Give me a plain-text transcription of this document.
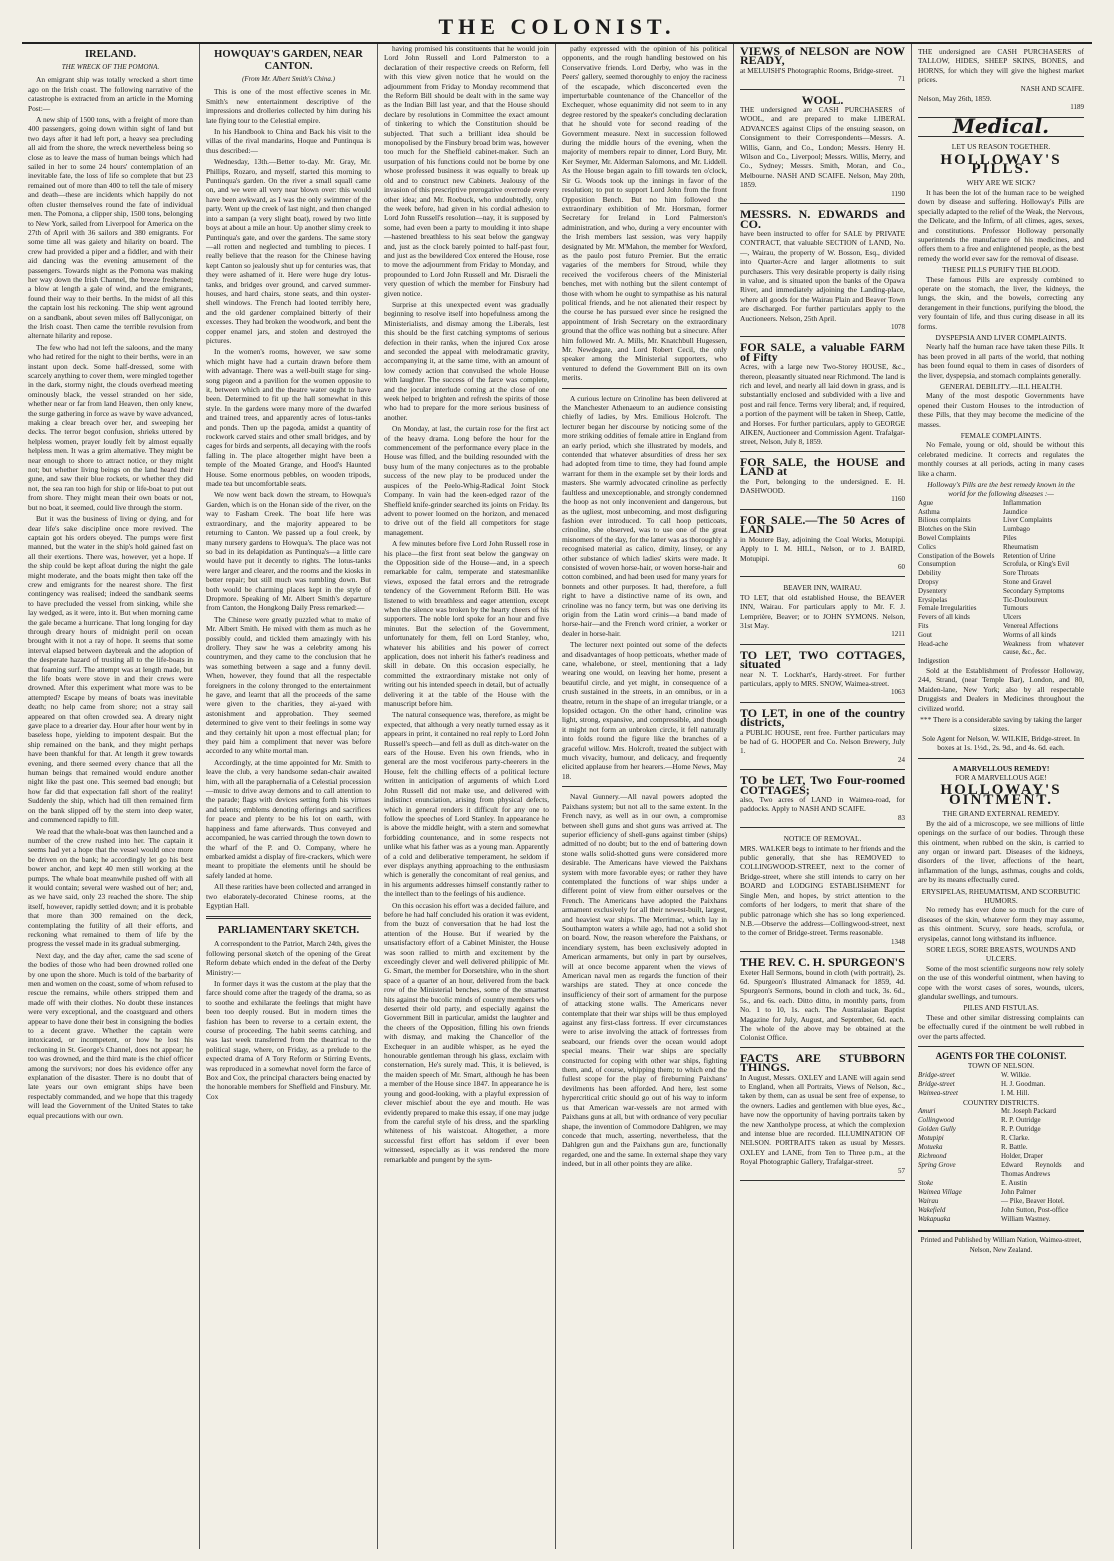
THE COLONIST.
IRELAND.
THE WRECK OF THE POMONA.

An emigrant ship was totally wrecked a short time ago on the Irish coast. The following narrative of the catastrophe is extracted from an article in the Morning Post:—

A new ship of 1500 tons, with a freight of more than 400 passengers, going down within sight of land but two days after it had left port, a heavy sea precluding all aid from the shore, the wreck nevertheless being so close as to leave the mass of human beings which had sailed in her to some 24 hours' contemplation of an inevitable fate, the loss of life so complete that but 23 remained out of more than 400 to tell the tale of misery and death—these are incidents which happily do not often cluster themselves round the fate of individual men. The Pomona, a clipper ship, 1500 tons, belonging to New York, sailed from Liverpool for America on the 27th of April with 36 sailors and 380 emigrants. For some time all was gaiety and hilarity on board. The crew had provided a piper and a fiddler, and with their aid dancing was the evening amusement of the passengers. Towards night as the Pomona was making her way down the Irish Channel, the breeze freshened; a blow at length a gale of wind, and the emigrants, found their way to their berths. In the midst of all this the captain lost his reckoning. The ship went aground on a sandbank, about seven miles off Ballyconigar, on the Irish coast. Then came the terrible revulsion from alternate hilarity and repose.

The few who had not left the saloons, and the many who had retired for the night to their berths, were in an instant upon deck. Some half-dressed, some with scarcely anything to cover them, were mingled together in the dark, stormy night, the clouds overhead meeting ominously black, the vessel stranded on her side, whether near or far from land Heaven, then only knew, the surge gathering in force as wave by wave advanced, making a clear breach over her, and sweeping her decks. The terror begot confusion, shrieks uttered by helpless women, prayer loudly felt by almost equally helpless men. It was a grim alternative. They might be near enough to shore to attract notice, or they might not; but whether living beings on the land heard their gune, and saw their blue rockets, or whether they did not, the sea ran too high for ship or life-boat to put out from shore. They might mean their own boats or not, but no boat, it seemed, could live through the storm.

But it was the business of living or dying, and for dear life's sake discipline once more revived. The captain got his orders obeyed. The pumps were first manned, but the water in the ship's hold gained fast on all their exertions. There was, however, yet a hope. If the ship could be kept afloat during the night the gale might moderate, and the boats might then take off the crew and emigrants for the nearest shore. The first contingency was realised; indeed the sandbank seems to have precluded the vessel from sinking, while she lay wedged, as it were, into it. But when morning came the gale became a hurricane. That long longing for day through dreary hours of midnight peril on ocean brought with it not a ray of hope. It seems that some interval elapsed between daybreak and the adoption of the desperate hazard of trusting all to the life-boats in that foaming surf. The attempt was at length made, but the life boats were stove in and their crews were drowned. After this experiment what more was to be attempted? Escape by means of boats was inevitable death; no help came from shore; not a stray sail appeared on that often crowded sea. A dreary night gave place to a drearier day. Hour after hour went by in baseless hope, yielding to impotent despair. But the ship remained on the bank, and they might perhaps have been thankful for that. At length it grew towards evening, and there seemed every chance that all the human beings that remained would endure another night like the past one. This seemed bad enough; but how far did that expectation fall short of the reality! Suddenly the ship, which had till then remained firm on the bank slipped off by the stern into deep water, and commenced rapidly to fill.

We read that the whale-boat was then launched and a number of the crew rushed into her. The captain it seems had yet a hope that the vessel would once more be driven on the bank; he accordingly let go his best bower anchor, and kept 40 men still working at the pumps. The whale boat meanwhile pushed off with all it would contain; several were washed out of her; and, as we have said, only 23 reached the shore. The ship itself, however, rapidly settled down; and it is probable that more than 300 remained on the deck, contemplating the futility of all their efforts, and reckoning what remained to them of life by the progress the vessel made in its gradual submerging.

Next day, and the day after, came the sad scene of the bodies of those who had been drowned rolled one by one upon the shore. Much is told of the barbarity of men and women on the coast, some of whom refused to rescue the remains, while others stripped them and made off with their clothes. No doubt these instances were very exceptional, and the coastguard and others appear to have done their best in consigning the bodies to a decent grave. Whether the captain were intoxicated, or incompetent, or how he lost his reckoning in St. George's Channel, does not appear; he too was drowned, and the third mate is the chief officer among the survivors; nor does his evidence offer any explanation of the disaster. There is no doubt that of late years our own emigrant ships have been respectably commanded, and we hope that this tragedy will lead the Government of the United States to take equal precautions with our own.

HOWQUAY'S GARDEN, NEAR CANTON.
(From Mr. Albert Smith's China.)

This is one of the most effective scenes in Mr. Smith's new entertainment descriptive of the impressions and drolleries collected by him during his late flying tour to the Celestial empire.

In his Handbook to China and Back his visit to the villas of the rival mandarins, Hoque and Puntinqua is thus described:—

Wednesday, 13th.—Better to-day. Mr. Gray, Mr. Phillips, Rozaro, and myself, started this morning to Puntinqua's garden. On the river a small squall came on, and we were all very near blown over: this would have been awkward, as I was the only swimmer of the party. Went up the creek of last night, and then changed into a sampan (a very slight boat), rowed by two little boys at about a mile an hour. Up another slimy creek to Puntinqua's gate, and over the gardens. The same story—all rotten and neglected and tumbling to pieces. I really believe that the reason for the Chinese having kept Canton so jealously shut up for centuries was, that they were ashamed of it. Here were huge dry lotus-tanks, and bridges over ground, and carved summer-houses, and hard chairs, stone seats, and thin oyster-shell windows. The French had looted terribly here, and the old gardener complained bitterly of their excesses. They had broken the woodwork, and bent the copper enamel jars, and stolen and destroyed the pictures.

In the women's rooms, however, we saw some which might have had a curtain drawn before them with advantage. There was a well-built stage for sing-song pigeon and a pavilion for the women opposite to it, between which and the theatre water ought to have been. Determined to fit up the hall somewhat in this style. In the gardens were many more of the dwarfed and trained trees, and apparently acres of lotus-tanks and ponds. Then up the pagoda, amidst a quantity of rockwork carved stairs and other small bridges, and by cages for birds and serpents, all decaying with the roofs falling in. The place altogether might have been a temple of the Moated Grange, and Hood's Haunted House. Some enormous pebbles, on wooden tripods, made tea but uncomfortable seats.

We now went back down the stream, to Howqua's Garden, which is on the Honan side of the river, on the way to Fasham Creek. The boat life here was extraordinary, and the majority appeared to be returning to Canton. We passed up a foul creek, by many nursery gardens to Howqua's. The place was not so bad in its delapidation as Puntinqua's—a little care would have put it decently to rights. The lotus-tanks were larger and clearer, and the rooms and the kiosks in better repair; but still much was tumbling down. But both would be charming places kept in the style of Dropmore. Speaking of Mr. Albert Smith's departure from Canton, the Hongkong Daily Press remarked:—

The Chinese were greatly puzzled what to make of Mr. Albert Smith. He mixed with them as much as he possibly could, and tickled them amazingly with his drollery. They saw he was a celebrity among his countrymen, and they came to the conclusion that he was something between a sage and a funny devil. When, however, they found that all the respectable foreigners in the colony thronged to the entertainment he gave, and learnt that all the proceeds of the same were given to the charities, they ai-yaed with astonishment and approbation. They seemed determined to give vent to their feelings in some way and they certainly hit upon a most effectual plan; for they paid him a compliment that never was before accorded to any white mortal man.

Accordingly, at the time appointed for Mr. Smith to leave the club, a very handsome sedan-chair awaited him, with all the paraphernalia of a Celestial procession—music to drive away demons and to call attention to the parade; flags with devices setting forth his virtues and talents; emblems denoting offerings and sacrifices for peace and plenty to be his lot on earth, with happiness and fame afterwards. Thus conveyed and accompanied, he was carried through the town down to the wharf of the P. and O. Company, where he embarked amidst a display of fire-crackers, which were meant to propitiate the elements until he should be safely landed at home.

All these rarities have been collected and arranged in two elaborately-decorated Chinese rooms, at the Egyptian Hall.

PARLIAMENTARY SKETCH.

A correspondent to the Patriot, March 24th, gives the following personal sketch of the opening of the Great Reform debate which ended in the defeat of the Derby Ministry:—

In former days it was the custom at the play that the farce should come after the tragedy of the drama, so as to soothe and exhilarate the feelings that might have been too deeply roused. But in modern times the fashion has been to reverse to a certain extent, the course of proceeding. The habit seems catching, and was last week transferred from the theatrical to the political stage, where, on Friday, as a prelude to the expected drama of A Tory Reform or Stirring Events, was reproduced in a somewhat novel form the farce of Box and Cox, the principal characters being enacted by the honorable members for Sheffield and Finsbury. Mr. Cox

having promised his constituents that he would join Lord John Russell and Lord Palmerston to a declaration of their respective creeds on Reform, fell with this view given notice that he would on the adjournment from Friday to Monday recommend that the Reform Bill should be dealt with in the same way as the Indian Bill last year, and that the House should declare by resolutions in Committee the exact amount of tinkering to which the Constitution should be subjected. That such a brilliant idea should be monopolised by the Finsbury broad brim was, however too much for the Sheffield cabinet-maker. Such an usurpation of his functions could not be borne by one whose professed business it was equally to break up old and to construct new Cabinets. Jealousy of the invasion of this prescriptive prerogative overrode every other idea; and Mr. Roebuck, who undoubtedly, only the week before, had given in his cordial adhesion to Lord John Russell's resolution—nay, it is supposed by some, had even been a party to moulding it into shape—hastened breathless to his seat below the gangway and, just as the clock barely pointed to half-past four, and just as the bewildered Cox entered the House, rose to move the adjournment from Friday to Monday, and propounded to Lord John Russell and Mr. Disraeli the very question of which the member for Finsbury had given notice.

Surprise at this unexpected event was gradually beginning to resolve itself into hopefulness among the Ministerialists, and dismay among the Liberals, lest this should be the first catching symptoms of serious defection in their ranks, when the injured Cox arose and seconded the appeal with melodramatic gravity, accompanying it, at the same time, with an amount of low comedy action that convulsed the whole House with laughter. The success of the farce was complete, and the jocular interlude coming at the close of one week helped to brighten and refresh the spirits of those who had to prepare for the more serious business of another.

On Monday, at last, the curtain rose for the first act of the heavy drama. Long before the hour for the commencement of the performance every place in the House was filled, and the building resounded with the busy hum of the many conjectures as to the probable success of the new play to be produced under the auspices of the Peelo-Whig-Radical Joint Stock Company. In vain had the keen-edged razor of the Sheffield knife-grinder searched its joints on Friday. Its advent to power loomed on the horizon, and menaced to drive out of the field all competitors for stage management.

A few minutes before five Lord John Russell rose in his place—the first front seat below the gangway on the Opposition side of the House—and, in a speech remarkable for calm, temperate and statesmanlike views, exposed the fatal errors and the retrograde tendency of the Government Reform Bill. He was listened to with breathless and eager attention, except when the silence was broken by the hearty cheers of his supporters. The noble lord spoke for an hour and five minutes. But the selection of the Government, unfortunately for them, fell on Lord Stanley, who, whatever his abilities and his power of correct application, does not inherit his father's readiness and skill in debate. On this occasion especially, he committed the extraordinary mistake not only of writing out his intended speech in detail, but of actually delivering it at the table of the House with the manuscript before him.

The natural consequence was, therefore, as might be expected, that although a very neatly turned essay as it appears in print, it contained no real reply to Lord John Russell's speech—and fell as dull as ditch-water on the ears of the House. Even his own friends, who in general are the most vociferous party-cheerers in the House, felt the chilling effects of a political lecture written in anticipation of arguments of which Lord John Russell did not make use, and delivered with indistinct enunciation, arising from physical defects, which in general renders it difficult for any one to follow the speeches of Lord Stanley. In appearance he is above the middle height, with a stern and somewhat forbidding countenance, and in some respects not unlike what his father was as a young man. Apparently of a cold and deliberative temperament, he seldom if ever displays anything approaching to the enthusiasm which is generally the concomitant of real genius, and in his arguments addresses himself constantly rather to the intellect than to the feelings of his audience.

On this occasion his effort was a decided failure, and before he had half concluded his oration it was evident, from the buzz of conversation that he had lost the attention of the House. But if wearied by the unsatisfactory effort of a Cabinet Minister, the House was soon rallied to mirth and excitement by the exceedingly clever and well delivered philippic of Mr. G. Smart, the member for Dorsetshire, who in the short space of a quarter of an hour, delivered from the back row of the Ministerial benches, some of the smartest hits against the bucolic minds of country members who deserted their old party, and especially against the Government Bill in particular, amidst the laughter and the cheers of the Opposition, filling his own friends with dismay, and making the Chancellor of the Exchequer in an audible whisper, as he eyed the honourable gentleman through his glass, exclaim with consternation, He's surely mad. This, it is believed, is the maiden speech of Mr. Smart, although he has been a member of the House since 1847. In appearance he is young and good-looking, with a playful expression of clever mischief about the eye and mouth. He was evidently prepared to make this essay, if one may judge from the careful style of his dress, and the sparkling whiteness of his waistcoat. Altogether, a more successful first effort has seldom if ever been witnessed, especially as it was rendered the more remarkable and pungent by the sym-

pathy expressed with the opinion of his political opponents, and the rough handling bestowed on his Conservative friends. Lord Derby, who was in the Peers' gallery, seemed thoroughly to enjoy the raciness of the escapade, which disconcerted even the imperturbable countenance of the Chancellor of the Exchequer, whose equanimity did not seem to in any degree restored by the speaker's concluding declaration that he should vote for second reading of the Government measure. Next in succession followed during the middle hours of the evening, when the majority of members repair to dinner, Lord Bury, Mr. Ker Seymer, Mr. Alderman Salomons, and Mr. Liddell. As the House began again to fill towards ten o'clock, Sir G. Woods took up the innings in favor of the resolution; to put to support Lord John from the front Opposition Bench. But no him followed the extraordinary exhibition of Mr. Horsman, former Secretary for Ireland in Lord Palmerston's administration, and who, during a very encounter with the Irish members last session, was very happily designated by Mr. M'Mahon, the member for Wexford, as the paulo post futuro Premier. But the erratic vagaries of the members for Stroud, while they received the vociferous cheers of the Ministerial benches, met with nothing but the silent contempt of those with whom he ought to sympathise as his natural political friends, and he not alienated their respect by the course he has pursued ever since he resigned the appointment of Irish Secretary on the extraordinary ground that the office was nothing but a sinecure. After him followed Mr. A. Mills, Mr. Knatchbull Hugessen, Mr. Newdegate, and Lord Robert Cecil, the only speaker among the Ministerial supporters, who ventured to defend the Government Bill on its own merits.

A curious lecture on Crinoline has been delivered at the Manchester Athenaeum to an audience consisting chiefly of ladies, by Mrs. Emilious Holcroft. The lecturer began her discourse by noticing some of the more striking oddities of female attire in England from an early period, which she illustrated by models, and contended that whatever absurdities of dress her sex had adopted from time to time, they had found ample warrant for them in the example set by their lords and masters. She warmly advocated crinoline as perfectly faultless and unexceptionable, and strongly condemned the hoop as not only inconvenient and dangerous, but as the ugliest, most unbecoming, and most disfiguring fashion ever introduced. To call hoop petticoats, crinoline, she observed, was to use one of the great misnomers of the day, for the latter was as thoroughly a recognised material as calico, dimity, linsey, or any other substance of which ladies' skirts were made. It consisted of woven horse-hair, or woven horse-hair and cotton combined, and had been used for many years for bonnets and other purposes. It had, therefore, a full right to have a distinctive name of its own, and crinoline was no fancy term, but was one deriving its origin from the Latin word crinis—a band made of horse-hair—and the French word crinier, a worker or dealer in horse-hair.

The lecturer next pointed out some of the defects and disadvantages of hoop petticoats, whether made of cane, whalebone, or steel, mentioning that a lady wearing one would, on leaving her home, present a beautiful circle, and yet might, in consequence of a crush sustained in the streets, in an omnibus, or in a theatre, return in the shape of an irregular triangle, or a lopsided octagon. On the other hand, crinoline was light, strong, expansive, and compressible, and though it might not form an unbroken circle, it fell naturally into folds round the figure like the branches of a graceful willow. Mrs. Holcroft, treated the subject with much vivacity, humour, and delicacy, and frequently elicited applause from her hearers.—Home News, May 18.

Naval Gunnery.—All naval powers adopted the Paixhans system; but not all to the same extent. In the French navy, as well as in our own, a compromise between shell guns and shot guns was arrived at. The superior efficiency of shell-guns against timber (ships) admitted of no doubt; but to the end of battering down stone walls solid-shotted guns were considered more desirable. The Americans have viewed the Paixhans system with more favorable eyes; or rather they have contemplated the functions of war ships under a different point of view from either ourselves or the French. The Americans have adopted the Paixhans armament exclusively for all their newest-built, largest, and heaviest war ships. The Merrimac, which lay in Southampton waters a while ago, had not a solid shot on board. Now, the reason wherefore the Paixhans, or incendiary system, has been exclusively adopted in American armaments, but only in part by ourselves, will at once become apparent when the views of American naval men as regards the function of their warships are stated. They at once concede the insufficiency of their sort of armament for the purpose of attacking stone walls. The Americans never contemplate that their war ships will be thus employed against any first-class fortress. If ever circumstances were to arise involving the attack of fortresses from seaboard, our friends over the ocean would adopt special means. Their war ships are specially constructed for coping with other war ships, fighting them, and, of course, whipping them; to which end the fullest scope for the play of fireburning Paixhans' devilments has been afforded. And here, lest some hypercritical critic should go out of his way to inform us that American war-vessels are not armed with Paixhans guns at all, but with ordnance of very peculiar shape, the invention of Commodore Dahlgren, we may concede that much, asserting, nevertheless, that the Dahlgren gun and the Paixhans gun are, functionally regarded, one and the same. In external shape they vary indeed, but in all other points they are alike.

VIEWS of NELSON are NOW READY,
at MELUISH'S Photographic Rooms, Bridge-street.
71
WOOL.
THE undersigned are CASH PURCHASERS of WOOL, and are prepared to make LIBERAL ADVANCES against Clips of the ensuing season, on Consignment to their Correspondents—Messrs. A. Willis, Gann, and Co., London; Messrs. Henry H. Wilson and Co., Liverpool; Messrs. Willis, Merry, and Co., Sydney; Messrs. Smith, Moran, and Co., Melbourne. NASH AND SCAIFE. Nelson, May 20th, 1859.
1190
MESSRS. N. EDWARDS and CO.
have been instructed to offer for SALE by PRIVATE CONTRACT, that valuable SECTION of LAND, No. —, Wairau, the property of W. Bosson, Esq., divided into Quarter-Acre and larger allotments to suit purchasers. This very desirable property is daily rising in value, and is situated upon the banks of the Opawa River, and immediately adjoining the Landing-place, where all goods for the Wairau Plain and Beaver Town are discharged. For further particulars apply to the Auctioneers. Nelson, 25th April.
1078
FOR SALE, a valuable FARM of Fifty
Acres, with a large new Two-Storey HOUSE, &c., thereon, pleasantly situated near Richmond. The land is rich and level, and nearly all laid down in grass, and is substantially enclosed and subdivided with a live and post and rail fence. Terms very liberal; and, if required, a portion of the payment will be taken in Sheep, Cattle, and Horses. For further particulars, apply to GEORGE AIKEN, Auctioneer and Commission Agent. Trafalgar-street, Nelson, July 8, 1859.
FOR SALE, the HOUSE and LAND at
the Port, belonging to the undersigned. E. H. DASHWOOD.
1160
FOR SALE.—The 50 Acres of LAND
in Moutere Bay, adjoining the Coal Works, Motupipi. Apply to I. M. HILL, Nelson, or to J. BAIRD, Motupipi.
60
BEAVER INN, WAIRAU.
TO LET, that old established House, the BEAVER INN, Wairau. For particulars apply to Mr. F. J. Lemprière, Beaver; or to JOHN SYMONS. Nelson, 31st May.
1211
TO LET, TWO COTTAGES, situated
near N. T. Lockhart's, Hardy-street. For further particulars, apply to MRS. SNOW, Waimea-street.
1063
TO LET, in one of the country districts,
a PUBLIC HOUSE, rent free. Further particulars may be had of G. HOOPER and Co. Nelson Brewery, July 1.
24
TO be LET, Two Four-roomed COTTAGES;
also, Two acres of LAND in Waimea-road, for paddocks. Apply to NASH AND SCAIFE.
83
NOTICE OF REMOVAL.
MRS. WALKER begs to intimate to her friends and the public generally, that she has REMOVED to COLLINGWOOD-STREET, next to the corner of Bridge-street, where she still intends to carry on her BOARD and LODGING ESTABLISHMENT for Single Men, and hopes, by strict attention to the comforts of her lodgers, to merit that share of the public patronage which she has so long experienced. N.B.—Observe the address—Collingwood-street, next to the corner of Bridge-street. Terms reasonable.
1348
THE REV. C. H. SPURGEON'S
Exeter Hall Sermons, bound in cloth (with portrait), 2s. 6d. Spurgeon's Illustrated Almanack for 1859, 4d. Spurgeon's Sermons, bound in cloth and tuck, 3s. 6d., 5s., and 6s. each. Ditto ditto, in monthly parts, from No. 1 to 10, 1s. each. The Australasian Baptist Magazine for July, August, and September, 6d. each. The whole of the above may be obtained at the Colonist Office.
FACTS ARE STUBBORN THINGS.
In August, Messrs. OXLEY and LANE will again send to England, when all Portraits, Views of Nelson, &c., taken by them, can as usual be sent free of expense, to the owners. Ladies and gentlemen with blue eyes, &c., have now the opportunity of having portraits taken by the new Xantholype process, at which the complexion and intense blue are recorded. ILLUMINATION OF NELSON. PORTRAITS taken as usual by Messrs. OXLEY and LANE, from Ten to Three p.m., at the Royal Photographic Gallery, Trafalgar-street.
57
THE undersigned are CASH PURCHASERS of TALLOW, HIDES, SHEEP SKINS, BONES, and HORNS, for which they will give the highest market prices.
NASH AND SCAIFE.
Nelson, May 26th, 1859.
1189
Medical.
LET US REASON TOGETHER.
HOLLOWAY'S PILLS.
WHY ARE WE SICK?

It has been the lot of the human race to be weighed down by disease and suffering. Holloway's Pills are specially adapted to the relief of the Weak, the Nervous, the Delicate, and the Infirm, of all climes, ages, sexes, and constitutions. Professor Holloway personally superintends the manufacture of his medicines, and offers them to a free and enlightened people, as the best remedy the world ever saw for the removal of disease.

THESE PILLS PURIFY THE BLOOD.

These famous Pills are expressly combined to operate on the stomach, the liver, the kidneys, the lungs, the skin, and the bowels, correcting any derangement in their functions, purifying the blood, the very fountain of life, and thus curing disease in all its forms.

DYSPEPSIA AND LIVER COMPLAINTS.

Nearly half the human race have taken these Pills. It has been proved in all parts of the world, that nothing has been found equal to them in cases of disorders of the liver, dyspepsia, and stomach complaints generally.

GENERAL DEBILITY.—ILL HEALTH.

Many of the most despotic Governments have opened their Custom Houses to the introduction of these Pills, that they may become the medicine of the masses.

FEMALE COMPLAINTS.

No Female, young or old, should be without this celebrated medicine. It corrects and regulates the monthly courses at all periods, acting in many cases like a charm.

Holloway's Pills are the best remedy known in the world for the following diseases :—
Ague	Inflammation
Asthma	Jaundice
Bilious complaints	Liver Complaints
Blotches on the Skin	Lumbago
Bowel Complaints	Piles
Colics	Rheumatism
Constipation of the Bowels	Retention of Urine
Consumption	Scrofula, or King's Evil
Debility	Sore Throats
Dropsy	Stone and Gravel
Dysentery	Secondary Symptoms
Erysipelas	Tic-Douloureux
Female Irregularities	Tumours
Fevers of all kinds	Ulcers
Fits	Venereal Affections
Gout	Worms of all kinds
Head-ache	Weakness from whatever cause, &c., &c.
Indigestion

Sold at the Establishment of Professor Holloway, 244, Strand, (near Temple Bar), London, and 80, Maiden-lane, New York; also by all respectable Druggists and Dealers in Medicines throughout the civilized world.

*** There is a considerable saving by taking the larger sizes.
Sole Agent for Nelson, W. WILKIE, Bridge-street. In boxes at 1s. 1½d., 2s. 9d., and 4s. 6d. each.
A MARVELLOUS REMEDY!
FOR A MARVELLOUS AGE!
HOLLOWAY'S OINTMENT.
THE GRAND EXTERNAL REMEDY.

By the aid of a microscope, we see millions of little openings on the surface of our bodies. Through these this ointment, when rubbed on the skin, is carried to any organ or inward part. Diseases of the kidneys, disorders of the liver, affections of the heart, inflammation of the lungs, asthmas, coughs and colds, are by its means effectually cured.

ERYSIPELAS, RHEUMATISM, AND SCORBUTIC HUMORS.

No remedy has ever done so much for the cure of diseases of the skin, whatever form they may assume, as this ointment. Scurvy, sore heads, scrofula, or erysipelas, cannot long withstand its influence.

SORE LEGS, SORE BREASTS, WOUNDS AND ULCERS.

Some of the most scientific surgeons now rely solely on the use of this wonderful ointment, when having to cope with the worst cases of sores, wounds, ulcers, glandular swellings, and tumours.

PILES AND FISTULAS.

These and other similar distressing complaints can be effectually cured if the ointment be well rubbed in over the parts affected.

AGENTS FOR THE COLONIST.
TOWN OF NELSON.
Bridge-street	W. Wilkie.
Bridge-street	H. J. Goodman.
Waimea-street	I. M. Hill.
COUNTRY DISTRICTS.
Amuri	Mr. Joseph Packard
Collingwood	R. P. Outridge
Golden Gully	R. P. Outridge
Motupipi	R. Clarke.
Motueka	R. Battle.
Richmond	Holder, Draper
Spring Grove	Edward Reynolds and Thomas Andrews
Stoke	E. Austin
Waimea Village	John Palmer
Wairau	— Pike, Beaver Hotel.
Wakefield	John Sutton, Post-office
Wakapuaka	William Wastney.
Printed and Published by William Nation, Waimea-street, Nelson, New Zealand.
